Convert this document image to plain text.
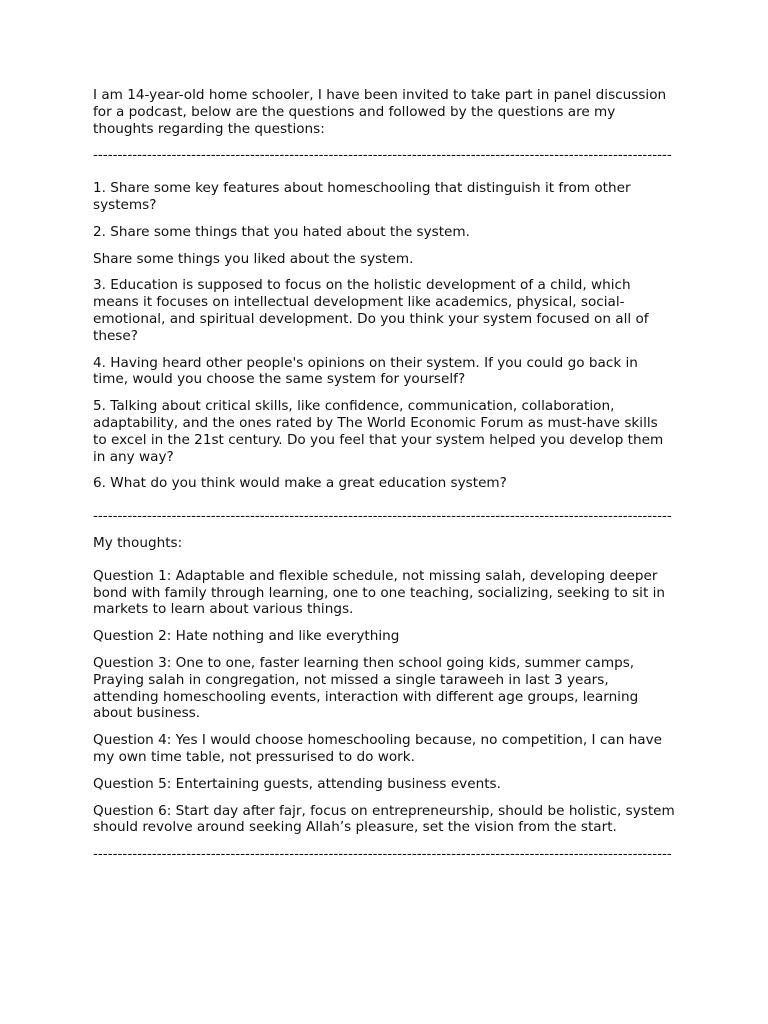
I am 14-year-old home schooler, I have been invited to take part in panel discussion for a podcast, below are the questions and followed by the questions are my thoughts regarding the questions:

----------------------------------------------------------------------------------------------------------------------

1. Share some key features about homeschooling that distinguish it from other systems?

2. Share some things that you hated about the system.

Share some things you liked about the system.

3. Education is supposed to focus on the holistic development of a child, which means it focuses on intellectual development like academics, physical, social-emotional, and spiritual development. Do you think your system focused on all of these?

4. Having heard other people's opinions on their system. If you could go back in time, would you choose the same system for yourself?

5. Talking about critical skills, like confidence, communication, collaboration, adaptability, and the ones rated by The World Economic Forum as must-have skills to excel in the 21st century. Do you feel that your system helped you develop them in any way?

6. What do you think would make a great education system?

----------------------------------------------------------------------------------------------------------------------

My thoughts:

Question 1: Adaptable and flexible schedule, not missing salah, developing deeper bond with family through learning, one to one teaching, socializing, seeking to sit in markets to learn about various things.

Question 2: Hate nothing and like everything

Question 3: One to one, faster learning then school going kids, summer camps, Praying salah in congregation, not missed a single taraweeh in last 3 years, attending homeschooling events, interaction with different age groups, learning about business.

Question 4: Yes I would choose homeschooling because, no competition, I can have my own time table, not pressurised to do work.

Question 5: Entertaining guests, attending business events.

Question 6: Start day after fajr, focus on entrepreneurship, should be holistic, system should revolve around seeking Allah’s pleasure, set the vision from the start.

----------------------------------------------------------------------------------------------------------------------
